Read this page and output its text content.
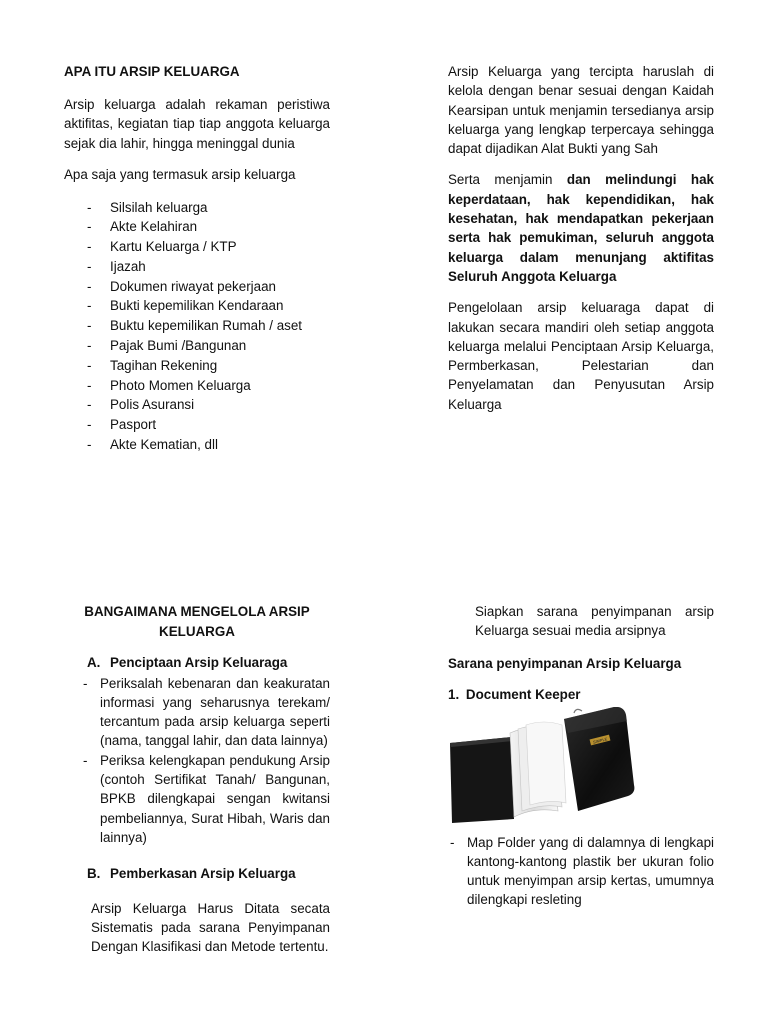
APA ITU ARSIP KELUARGA

Arsip keluarga adalah rekaman peristiwa aktifitas, kegiatan tiap tiap anggota keluarga sejak dia lahir, hingga meninggal dunia

Apa saja yang termasuk arsip keluarga

- Silsilah keluarga
- Akte Kelahiran
- Kartu Keluarga / KTP
- Ijazah
- Dokumen riwayat pekerjaan
- Bukti kepemilikan Kendaraan
- Buktu kepemilikan Rumah / aset
- Pajak Bumi /Bangunan
- Tagihan Rekening
- Photo Momen Keluarga
- Polis Asuransi
- Pasport
- Akte Kematian, dll

Arsip Keluarga yang tercipta haruslah di kelola dengan benar sesuai dengan Kaidah Kearsipan untuk menjamin tersedianya arsip keluarga yang lengkap terpercaya sehingga dapat dijadikan Alat Bukti yang Sah

Serta menjamin dan melindungi hak keperdataan, hak kependidikan, hak kesehatan, hak mendapatkan pekerjaan serta hak pemukiman, seluruh anggota keluarga dalam menunjang aktifitas Seluruh Anggota Keluarga

Pengelolaan arsip keluaraga dapat di lakukan secara mandiri oleh setiap anggota keluarga melalui Penciptaan Arsip Keluarga, Permberkasan, Pelestarian dan Penyelamatan dan Penyusutan Arsip Keluarga

BANGAIMANA MENGELOLA ARSIP
KELUARGA
A. Penciptaan Arsip Keluaraga
- Periksalah kebenaran dan keakuratan informasi yang seharusnya terekam/ tercantum pada arsip keluarga seperti (nama, tanggal lahir, dan data lainnya)
- Periksa kelengkapan pendukung Arsip (contoh Sertifikat Tanah/ Bangunan, BPKB dilengkapai sengan kwitansi pembeliannya, Surat Hibah, Waris dan lainnya)
B. Pemberkasan Arsip Keluarga

Arsip Keluarga Harus Ditata secata Sistematis pada sarana Penyimpanan Dengan Klasifikasi dan Metode tertentu.

Siapkan sarana penyimpanan arsip Keluarga sesuai media arsipnya

Sarana penyimpanan Arsip Keluarga
1. Document Keeper
SIMPLE
- Map Folder yang di dalamnya di lengkapi kantong-kantong plastik ber ukuran folio untuk menyimpan arsip kertas, umumnya dilengkapi resleting
